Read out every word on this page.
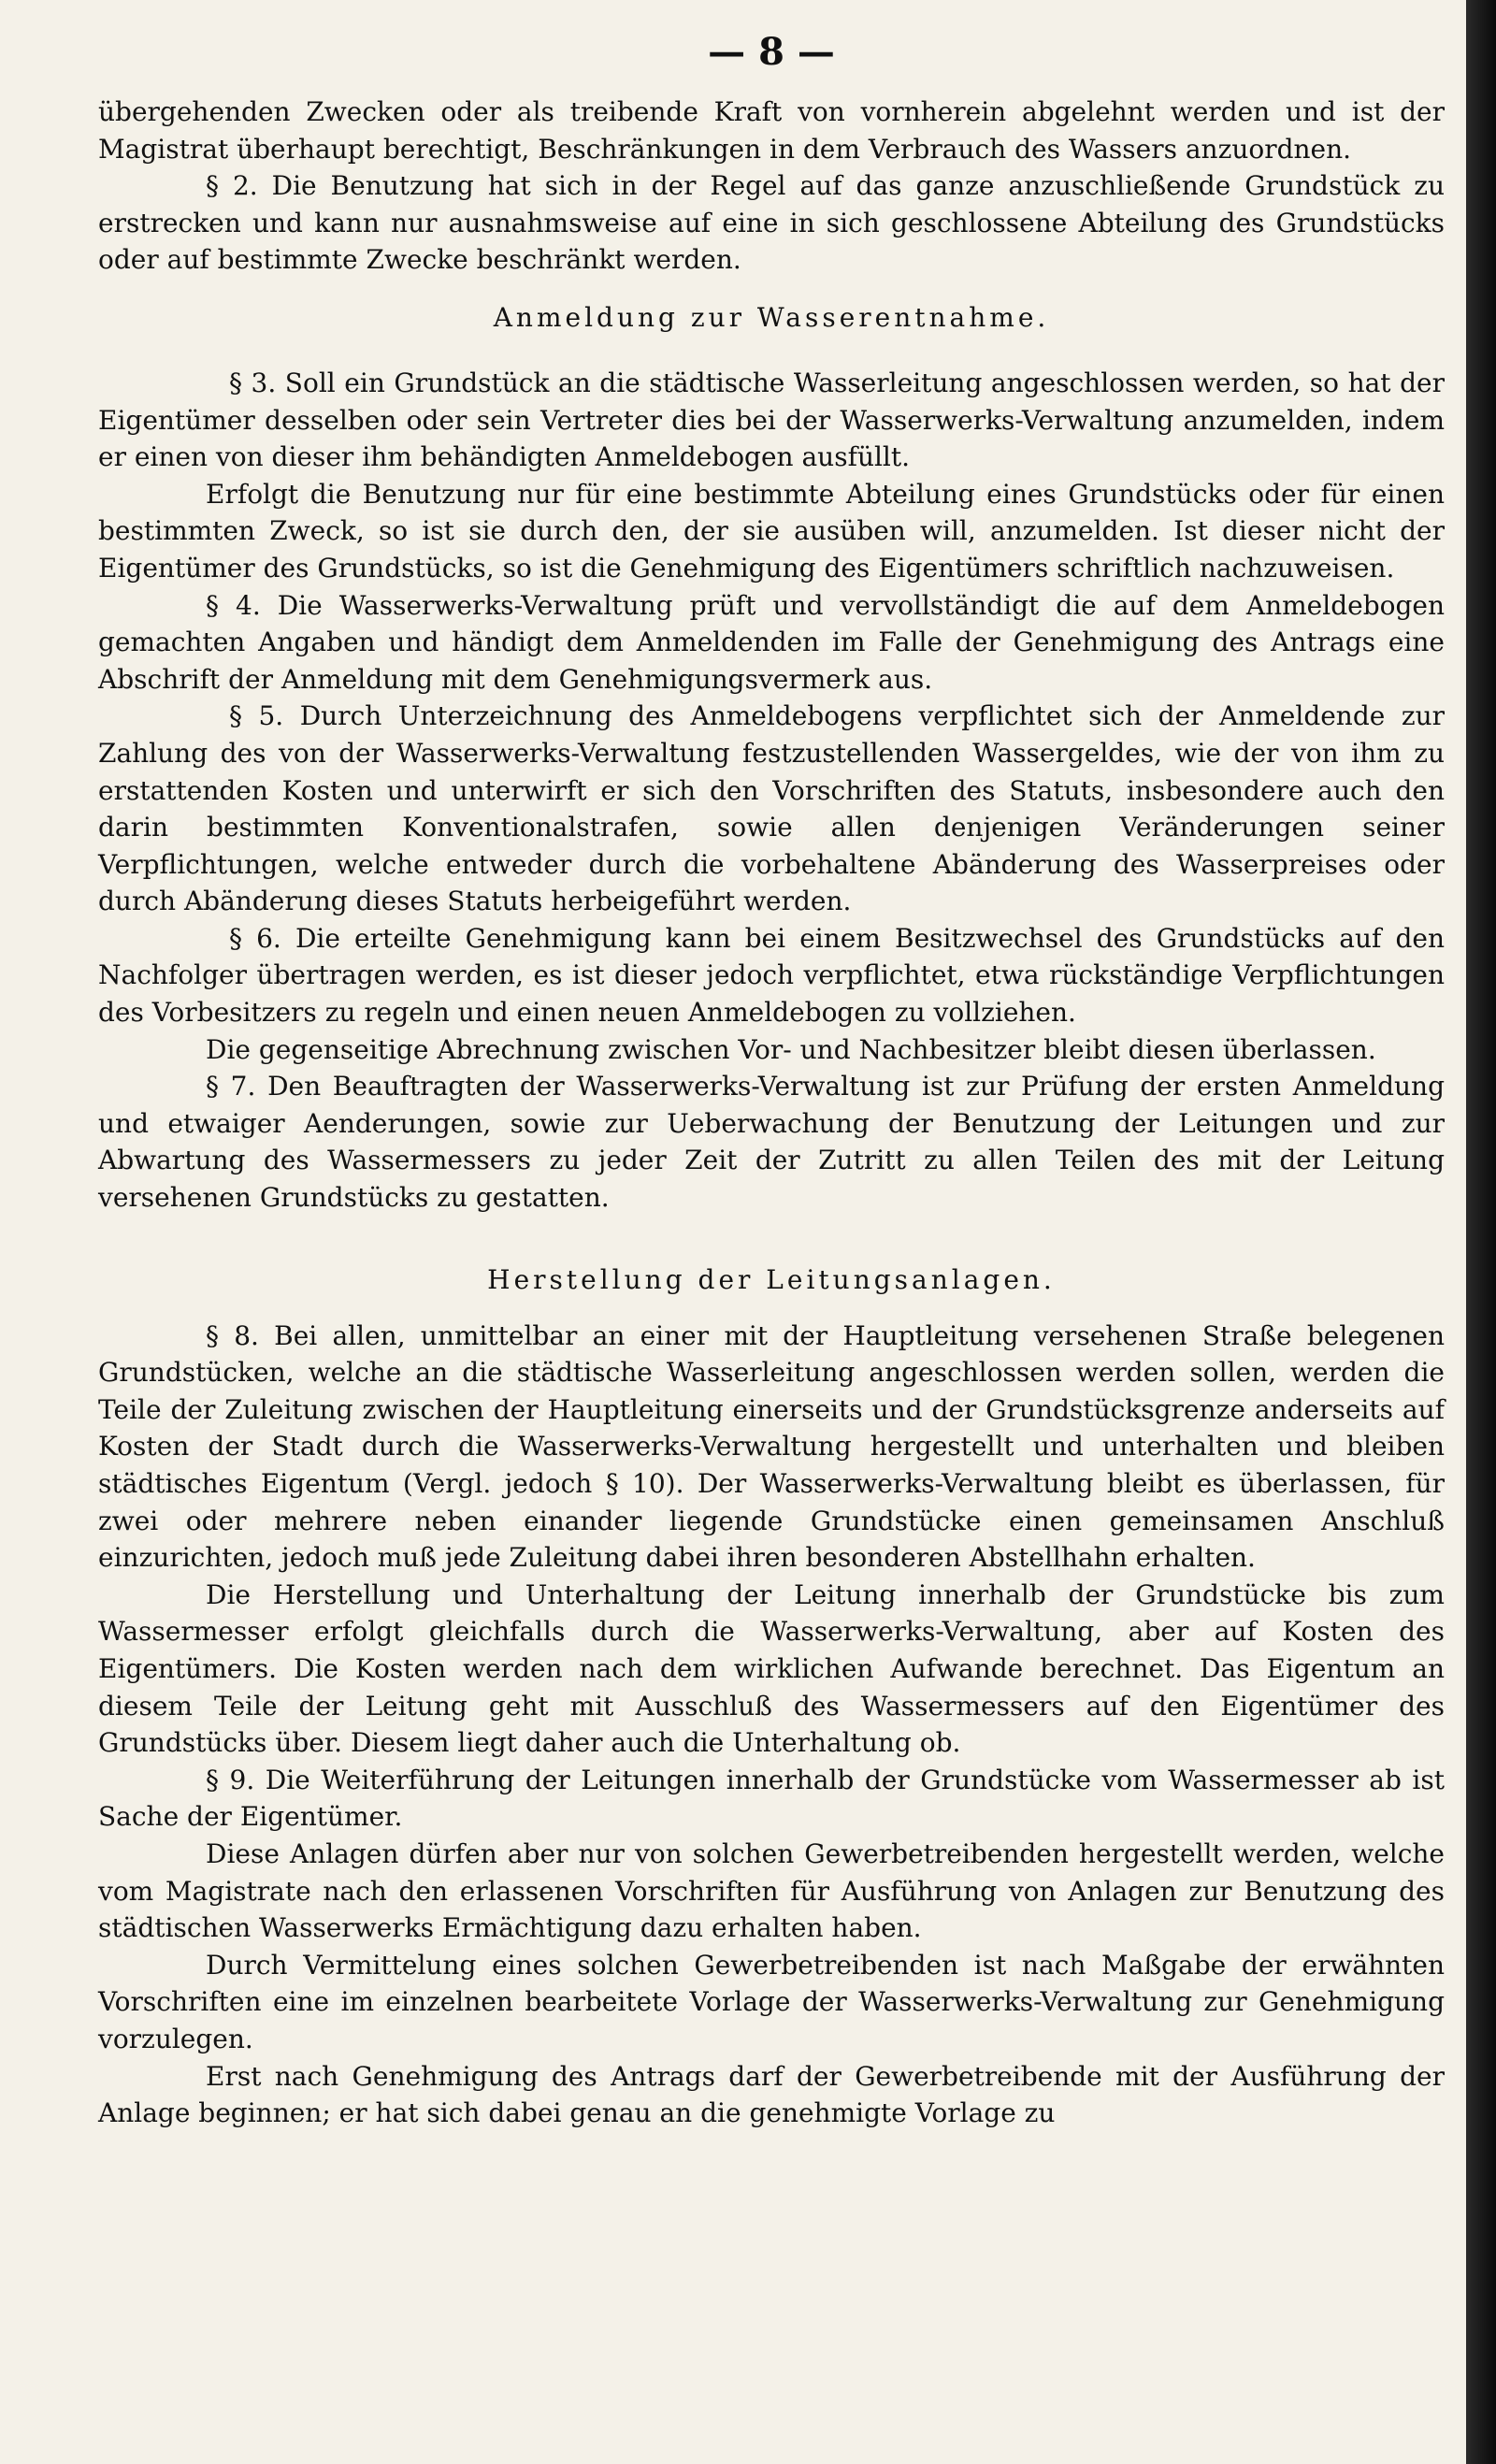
— 8 —

übergehenden Zwecken oder als treibende Kraft von vornherein abgelehnt werden und ist der Magistrat überhaupt berechtigt, Beschränkungen in dem Verbrauch des Wassers anzuordnen.

§ 2. Die Benutzung hat sich in der Regel auf das ganze anzuschließende Grundstück zu erstrecken und kann nur ausnahmsweise auf eine in sich geschlossene Abteilung des Grundstücks oder auf bestimmte Zwecke beschränkt werden.

Anmeldung zur Wasserentnahme.

§ 3. Soll ein Grundstück an die städtische Wasserleitung angeschlossen werden, so hat der Eigentümer desselben oder sein Vertreter dies bei der Wasserwerks-Verwaltung anzumelden, indem er einen von dieser ihm behändigten Anmeldebogen ausfüllt.

Erfolgt die Benutzung nur für eine bestimmte Abteilung eines Grundstücks oder für einen bestimmten Zweck, so ist sie durch den, der sie ausüben will, anzumelden. Ist dieser nicht der Eigentümer des Grundstücks, so ist die Genehmigung des Eigentümers schriftlich nachzuweisen.

§ 4. Die Wasserwerks-Verwaltung prüft und vervollständigt die auf dem Anmeldebogen gemachten Angaben und händigt dem Anmeldenden im Falle der Genehmigung des Antrags eine Abschrift der Anmeldung mit dem Genehmigungsvermerk aus.

§ 5. Durch Unterzeichnung des Anmeldebogens verpflichtet sich der Anmeldende zur Zahlung des von der Wasserwerks-Verwaltung festzustellenden Wassergeldes, wie der von ihm zu erstattenden Kosten und unterwirft er sich den Vorschriften des Statuts, insbesondere auch den darin bestimmten Konventionalstrafen, sowie allen denjenigen Veränderungen seiner Verpflichtungen, welche entweder durch die vorbehaltene Abänderung des Wasserpreises oder durch Abänderung dieses Statuts herbeigeführt werden.

§ 6. Die erteilte Genehmigung kann bei einem Besitzwechsel des Grundstücks auf den Nachfolger übertragen werden, es ist dieser jedoch verpflichtet, etwa rückständige Verpflichtungen des Vorbesitzers zu regeln und einen neuen Anmeldebogen zu vollziehen.

Die gegenseitige Abrechnung zwischen Vor- und Nachbesitzer bleibt diesen überlassen.

§ 7. Den Beauftragten der Wasserwerks-Verwaltung ist zur Prüfung der ersten Anmeldung und etwaiger Aenderungen, sowie zur Ueberwachung der Benutzung der Leitungen und zur Abwartung des Wassermessers zu jeder Zeit der Zutritt zu allen Teilen des mit der Leitung versehenen Grundstücks zu gestatten.

Herstellung der Leitungsanlagen.

§ 8. Bei allen, unmittelbar an einer mit der Hauptleitung versehenen Straße belegenen Grundstücken, welche an die städtische Wasserleitung angeschlossen werden sollen, werden die Teile der Zuleitung zwischen der Hauptleitung einerseits und der Grundstücksgrenze anderseits auf Kosten der Stadt durch die Wasserwerks-Verwaltung hergestellt und unterhalten und bleiben städtisches Eigentum (Vergl. jedoch § 10). Der Wasserwerks-Verwaltung bleibt es überlassen, für zwei oder mehrere neben einander liegende Grundstücke einen gemeinsamen Anschluß einzurichten, jedoch muß jede Zuleitung dabei ihren besonderen Abstellhahn erhalten.

Die Herstellung und Unterhaltung der Leitung innerhalb der Grundstücke bis zum Wassermesser erfolgt gleichfalls durch die Wasserwerks-Verwaltung, aber auf Kosten des Eigentümers. Die Kosten werden nach dem wirklichen Aufwande berechnet. Das Eigentum an diesem Teile der Leitung geht mit Ausschluß des Wassermessers auf den Eigentümer des Grundstücks über. Diesem liegt daher auch die Unterhaltung ob.

§ 9. Die Weiterführung der Leitungen innerhalb der Grundstücke vom Wassermesser ab ist Sache der Eigentümer.

Diese Anlagen dürfen aber nur von solchen Gewerbetreibenden hergestellt werden, welche vom Magistrate nach den erlassenen Vorschriften für Ausführung von Anlagen zur Benutzung des städtischen Wasserwerks Ermächtigung dazu erhalten haben.

Durch Vermittelung eines solchen Gewerbetreibenden ist nach Maßgabe der erwähnten Vorschriften eine im einzelnen bearbeitete Vorlage der Wasserwerks-Verwaltung zur Genehmigung vorzulegen.

Erst nach Genehmigung des Antrags darf der Gewerbetreibende mit der Ausführung der Anlage beginnen; er hat sich dabei genau an die genehmigte Vorlage zu
